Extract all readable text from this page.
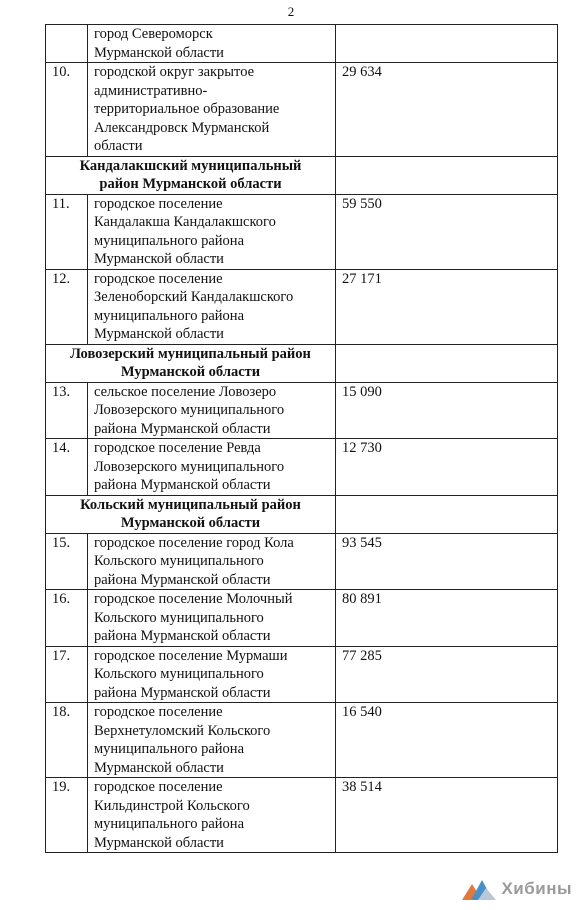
2

	город Североморск
Мурманской области	

10.	городской округ закрытое
административно-
территориальное образование
Александровск Мурманской
области	29 634

Кандалакшский муниципальный
район Мурманской области		

11.	городское поселение
Кандалакша Кандалакшского
муниципального района
Мурманской области	59 550
12.	городское поселение
Зеленоборский Кандалакшского
муниципального района
Мурманской области	27 171

Ловозерский муниципальный район
Мурманской области		

13.	сельское поселение Ловозеро
Ловозерского муниципального
района Мурманской области	15 090
14.	городское поселение Ревда
Ловозерского муниципального
района Мурманской области	12 730

Кольский муниципальный район
Мурманской области		

15.	городское поселение город Кола
Кольского муниципального
района Мурманской области	93 545
16.	городское поселение Молочный
Кольского муниципального
района Мурманской области	80 891
17.	городское поселение Мурмаши
Кольского муниципального
района Мурманской области	77 285
18.	городское поселение
Верхнетуломский Кольского
муниципального района
Мурманской области	16 540
19.	городское поселение
Кильдинстрой Кольского
муниципального района
Мурманской области	38 514
Хибины
